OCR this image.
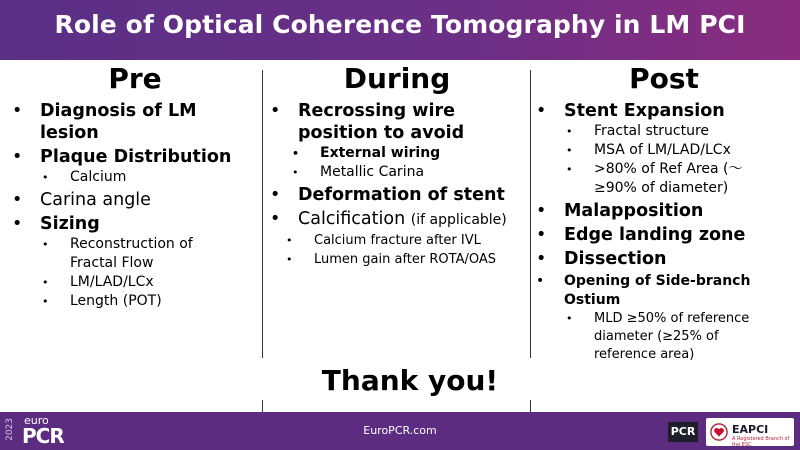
Role of Optical Coherence Tomography in LM PCI
Pre
• Diagnosis of LM lesion
• Plaque Distribution
• Calcium
• Carina angle
• Sizing
• Reconstruction of Fractal Flow
• LM/LAD/LCx
• Length (POT)
During
• Recrossing wire position to avoid
• External wiring
• Metallic Carina
• Deformation of stent
• Calcification (if applicable)
• Calcium fracture after IVL
• Lumen gain after ROTA/OAS
Post
• Stent Expansion
• Fractal structure
• MSA of LM/LAD/LCx
• >80% of Ref Area (～≥90% of diameter)
• Malapposition
• Edge landing zone
• Dissection
• Opening of Side-branch Ostium
• MLD ≥50% of reference diameter (≥25% of reference area)
Thank you!
2023 euro
PCR	EuroPCR.com	PCR	EAPCI
A Registered Branch of the ESC
